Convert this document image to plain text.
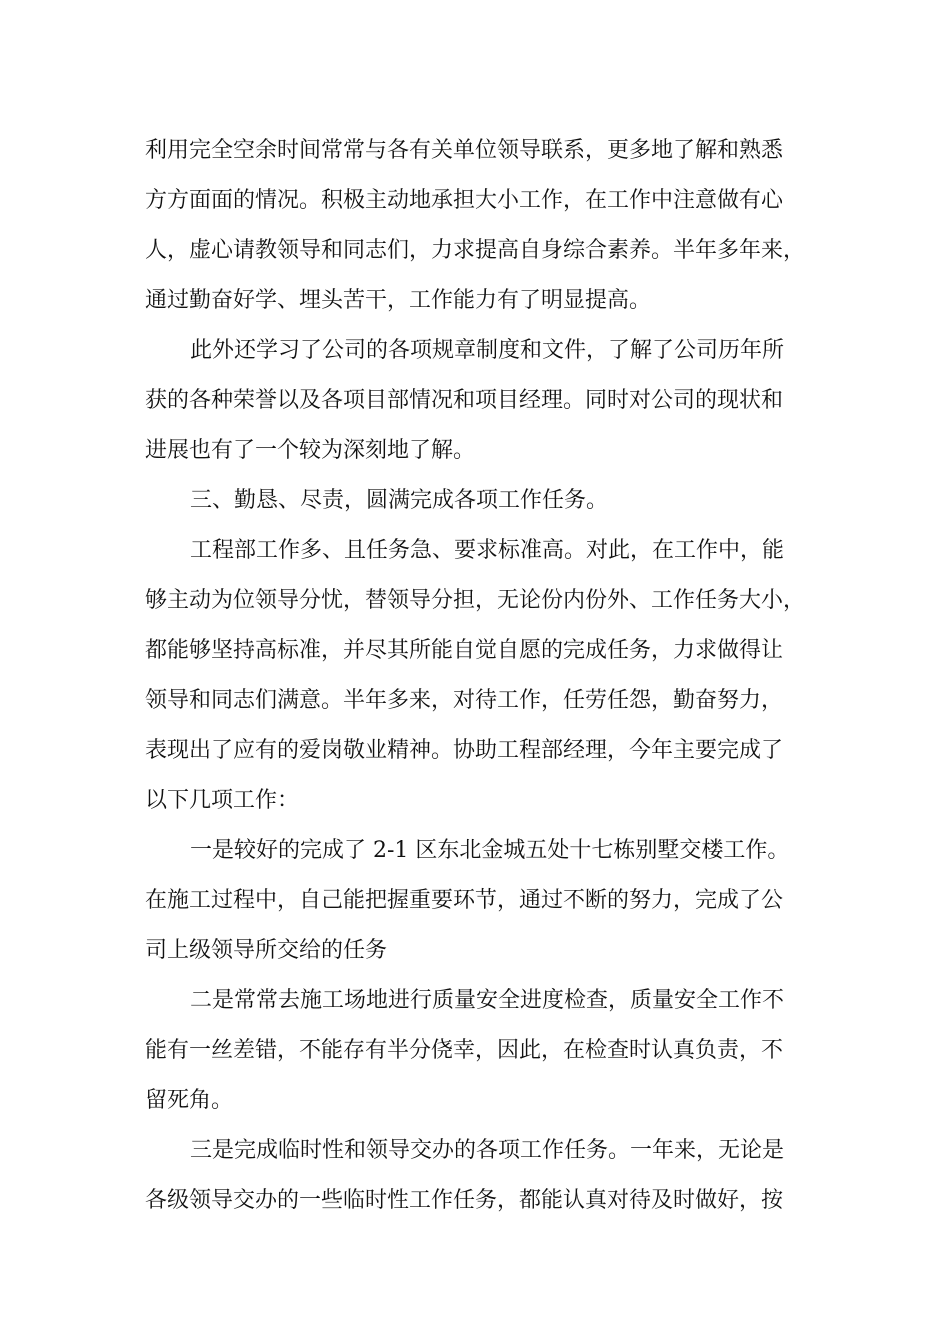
利用完全空余时间常常与各有关单位领导联系，更多地了解和熟悉
方方面面的情况。积极主动地承担大小工作，在工作中注意做有心
人，虚心请教领导和同志们，力求提高自身综合素养。半年多年来，
通过勤奋好学、埋头苦干，工作能力有了明显提高。
此外还学习了公司的各项规章制度和文件，了解了公司历年所
获的各种荣誉以及各项目部情况和项目经理。同时对公司的现状和
进展也有了一个较为深刻地了解。
三、勤恳、尽责，圆满完成各项工作任务。
工程部工作多、且任务急、要求标准高。对此，在工作中，能
够主动为位领导分忧，替领导分担，无论份内份外、工作任务大小，
都能够坚持高标准，并尽其所能自觉自愿的完成任务，力求做得让
领导和同志们满意。半年多来，对待工作，任劳任怨，勤奋努力，
表现出了应有的爱岗敬业精神。协助工程部经理，今年主要完成了
以下几项工作：
一是较好的完成了 2-1 区东北金城五处十七栋别墅交楼工作。
在施工过程中，自己能把握重要环节，通过不断的努力，完成了公
司上级领导所交给的任务
二是常常去施工场地进行质量安全进度检查，质量安全工作不
能有一丝差错，不能存有半分侥幸，因此，在检查时认真负责，不
留死角。
三是完成临时性和领导交办的各项工作任务。一年来，无论是
各级领导交办的一些临时性工作任务，都能认真对待及时做好，按
